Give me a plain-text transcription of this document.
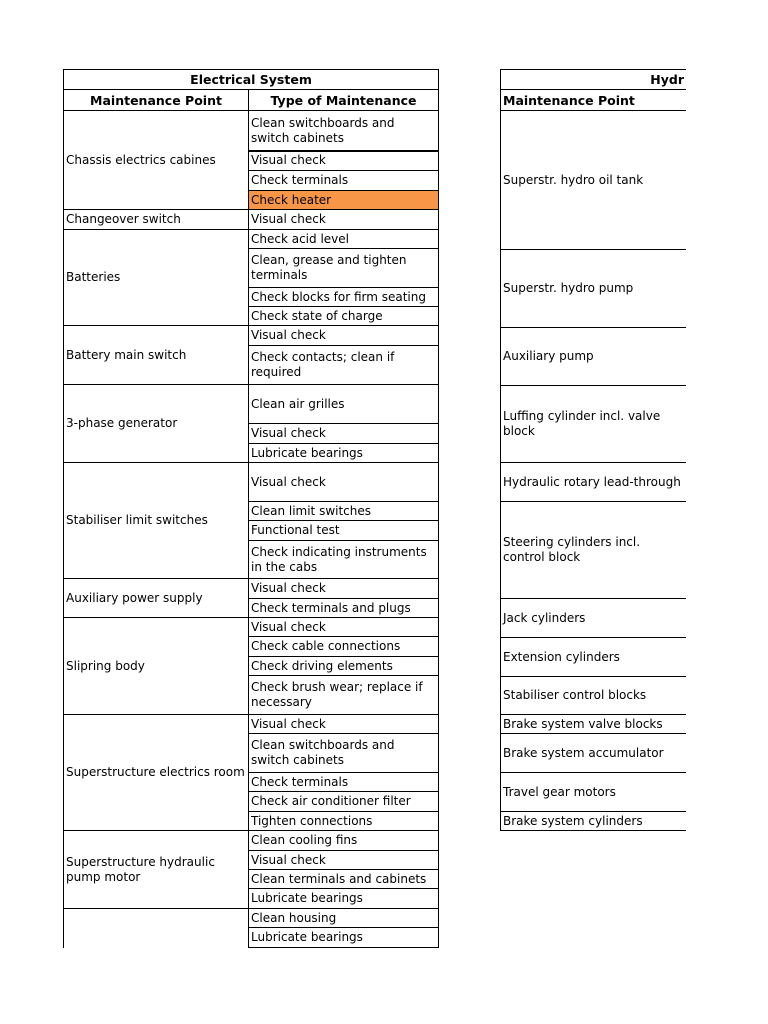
Electrical System
Maintenance Point	Type of Maintenance
Chassis electrics cabines
Clean switchboards and switch cabinets
Visual check
Check terminals
Check heater
Changeover switch	Visual check
Batteries
Check acid level
Clean, grease and tighten terminals
Check blocks for firm seating
Check state of charge
Battery main switch
Visual check
Check contacts; clean if required
3-phase generator
Clean air grilles
Visual check
Lubricate bearings
Stabiliser limit switches
Visual check
Clean limit switches
Functional test
Check indicating instruments in the cabs
Auxiliary power supply
Visual check
Check terminals and plugs
Slipring body
Visual check
Check cable connections
Check driving elements
Check brush wear; replace if necessary
Superstructure electrics room
Visual check
Clean switchboards and switch cabinets
Check terminals
Check air conditioner filter
Tighten connections
Superstructure hydraulic pump motor
Clean cooling fins
Visual check
Clean terminals and cabinets
Lubricate bearings
Clean housing
Lubricate bearings
Hydr
Maintenance Point
Superstr. hydro oil tank
Superstr. hydro pump
Auxiliary pump
Luffing cylinder incl. valve block
Hydraulic rotary lead-through
Steering cylinders incl. control block
Jack cylinders
Extension cylinders
Stabiliser control blocks
Brake system valve blocks
Brake system accumulator
Travel gear motors
Brake system cylinders
